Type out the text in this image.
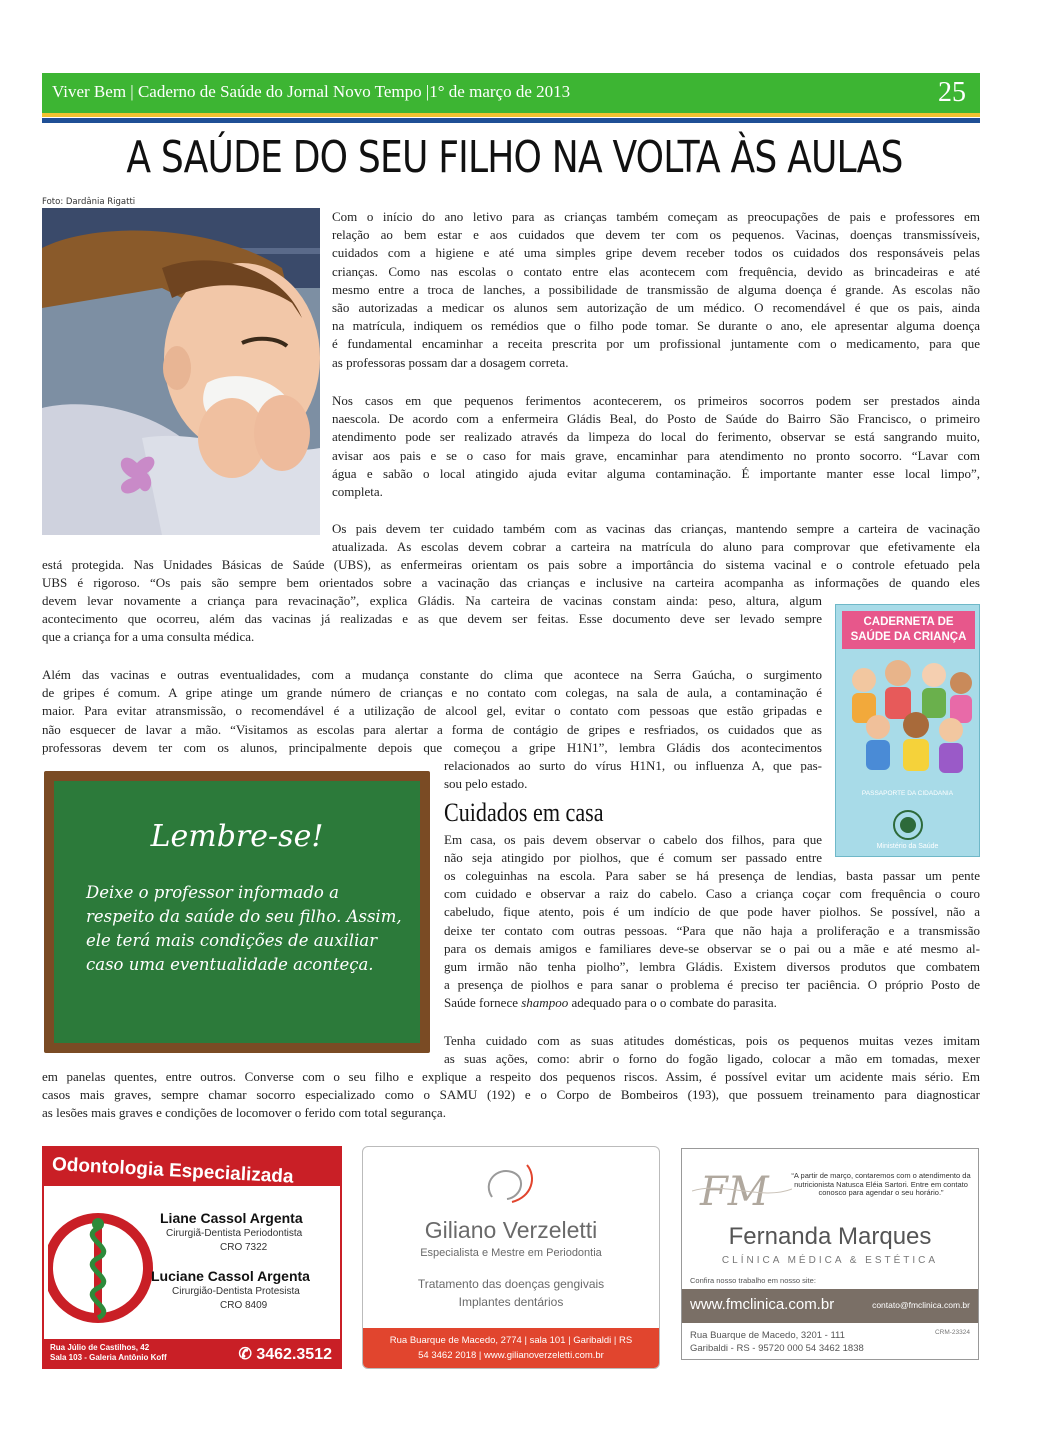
Viver Bem | Caderno de Saúde do Jornal Novo Tempo |1° de março de 2013	25
A SAÚDE DO SEU FILHO NA VOLTA ÀS AULAS
Foto: Dardânia Rigatti
Com o início do ano letivo para as crianças também começam as preocupações de pais e professores em
relação ao bem estar e aos cuidados que devem ter com os pequenos. Vacinas, doenças transmissíveis,
cuidados com a higiene e até uma simples gripe devem receber todos os cuidados dos responsáveis pelas
crianças. Como nas escolas o contato entre elas acontecem com frequência, devido as brincadeiras e até
mesmo entre a troca de lanches, a possibilidade de transmissão de alguma doença é grande. As escolas não
são autorizadas a medicar os alunos sem autorização de um médico. O recomendável é que os pais, ainda
na matrícula, indiquem os remédios que o filho pode tomar. Se durante o ano, ele apresentar alguma doença
é fundamental encaminhar a receita prescrita por um profissional juntamente com o medicamento, para que
as professoras possam dar a dosagem correta.
Nos casos em que pequenos ferimentos acontecerem, os primeiros socorros podem ser prestados ainda
naescola. De acordo com a enfermeira Gládis Beal, do Posto de Saúde do Bairro São Francisco, o primeiro
atendimento pode ser realizado através da limpeza do local do ferimento, observar se está sangrando muito,
avisar aos pais e se o caso for mais grave, encaminhar para atendimento no pronto socorro. “Lavar com
água e sabão o local atingido ajuda evitar alguma contaminação. É importante manter esse local limpo”,
completa.
Os pais devem ter cuidado também com as vacinas das crianças, mantendo sempre a carteira de vacinação
atualizada. As escolas devem cobrar a carteira na matrícula do aluno para comprovar que efetivamente ela
está protegida. Nas Unidades Básicas de Saúde (UBS), as enfermeiras orientam os pais sobre a importância do sistema vacinal e o controle efetuado pela
UBS é rigoroso. “Os pais são sempre bem orientados sobre a vacinação das crianças e inclusive na carteira acompanha as informações de quando eles
devem levar novamente a criança para revacinação”, explica Gládis. Na carteira de vacinas constam ainda: peso, altura, algum
acontecimento que ocorreu, além das vacinas já realizadas e as que devem ser feitas. Esse documento deve ser levado sempre
que a criança for a uma consulta médica.
CADERNETA DE
SAÚDE DA CRIANÇA
PASSAPORTE DA CIDADANIA
Ministério da Saúde
Além das vacinas e outras eventualidades, com a mudança constante do clima que acontece na Serra Gaúcha, o surgimento
de gripes é comum. A gripe atinge um grande número de crianças e no contato com colegas, na sala de aula, a contaminação é
maior. Para evitar atransmissão, o recomendável é a utilização de alcool gel, evitar o contato com pessoas que estão gripadas e
não esquecer de lavar a mão. “Visitamos as escolas para alertar a forma de contágio de gripes e resfriados, os cuidados que as
professoras devem ter com os alunos, principalmente depois que começou a gripe H1N1”, lembra Gládis dos acontecimentos
relacionados ao surto do vírus H1N1, ou influenza A, que pas-
sou pelo estado.
Lembre-se!
Deixe o professor informado a respeito da saúde do seu filho. Assim, ele terá mais condições de auxiliar caso uma eventualidade aconteça.
Cuidados em casa
Em casa, os pais devem observar o cabelo dos filhos, para que
não seja atingido por piolhos, que é comum ser passado entre
os coleguinhas na escola. Para saber se há presença de lendias, basta passar um pente
com cuidado e observar a raiz do cabelo. Caso a criança coçar com frequência o couro
cabeludo, fique atento, pois é um indício de que pode haver piolhos. Se possível, não a
deixe ter contato com outras pessoas. “Para que não haja a proliferação e a transmissão
para os demais amigos e familiares deve-se observar se o pai ou a mãe e até mesmo al-
gum irmão não tenha piolho”, lembra Gládis. Existem diversos produtos que combatem
a presença de piolhos e para sanar o problema é preciso ter paciência. O próprio Posto de
Saúde fornece shampoo adequado para o o combate do parasita.
Tenha cuidado com as suas atitudes domésticas, pois os pequenos muitas vezes imitam
as suas ações, como: abrir o forno do fogão ligado, colocar a mão em tomadas, mexer
em panelas quentes, entre outros. Converse com o seu filho e explique a respeito dos pequenos riscos. Assim, é possível evitar um acidente mais sério. Em
casos mais graves, sempre chamar socorro especializado como o SAMU (192) e o Corpo de Bombeiros (193), que possuem treinamento para diagnosticar
as lesões mais graves e condições de locomover o ferido com total segurança.
Odontologia Especializada
Liane Cassol Argenta
Cirurgiã-Dentista Periodontista
CRO 7322
Luciane Cassol Argenta
Cirurgião-Dentista Protesista
CRO 8409
Rua Júlio de Castilhos, 42
Sala 103 - Galeria Antônio Koff	✆ 3462.3512
Giliano Verzeletti
Especialista e Mestre em Periodontia
Tratamento das doenças gengivais
Implantes dentários
Rua Buarque de Macedo, 2774 | sala 101 | Garibaldi | RS
54 3462 2018 | www.gilianoverzeletti.com.br
FM	“A partir de março, contaremos com o atendimento da nutricionista Natusca Eléia Sartori. Entre em contato conosco para agendar o seu horário.”
Fernanda Marques
CLÍNICA MÉDICA & ESTÉTICA
Confira nosso trabalho em nosso site:
www.fmclinica.com.br	contato@fmclinica.com.br
Rua Buarque de Macedo, 3201 - 111
Garibaldi - RS - 95720 000 54 3462 1838
CRM-23324
